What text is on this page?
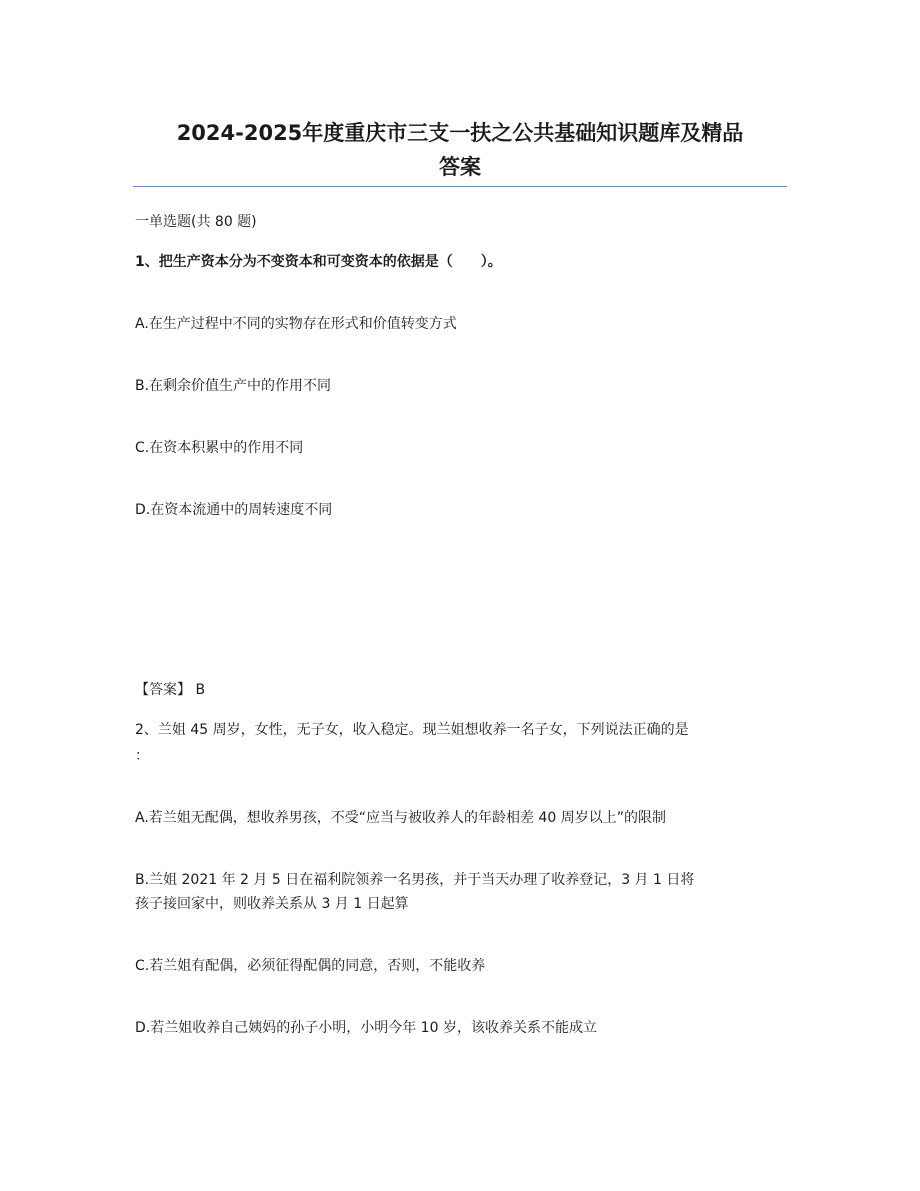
2024-2025年度重庆市三支一扶之公共基础知识题库及精品
答案
一单选题(共 80 题)
1、把生产资本分为不变资本和可变资本的依据是（　　）。
A.在生产过程中不同的实物存在形式和价值转变方式
B.在剩余价值生产中的作用不同
C.在资本积累中的作用不同
D.在资本流通中的周转速度不同
【答案】 B
2、兰姐 45 周岁，女性，无子女，收入稳定。现兰姐想收养一名子女，下列说法正确的是
：
A.若兰姐无配偶，想收养男孩，不受“应当与被收养人的年龄相差 40 周岁以上”的限制
B.兰姐 2021 年 2 月 5 日在福利院领养一名男孩，并于当天办理了收养登记，3 月 1 日将
孩子接回家中，则收养关系从 3 月 1 日起算
C.若兰姐有配偶，必须征得配偶的同意，否则，不能收养
D.若兰姐收养自己姨妈的孙子小明，小明今年 10 岁，该收养关系不能成立
